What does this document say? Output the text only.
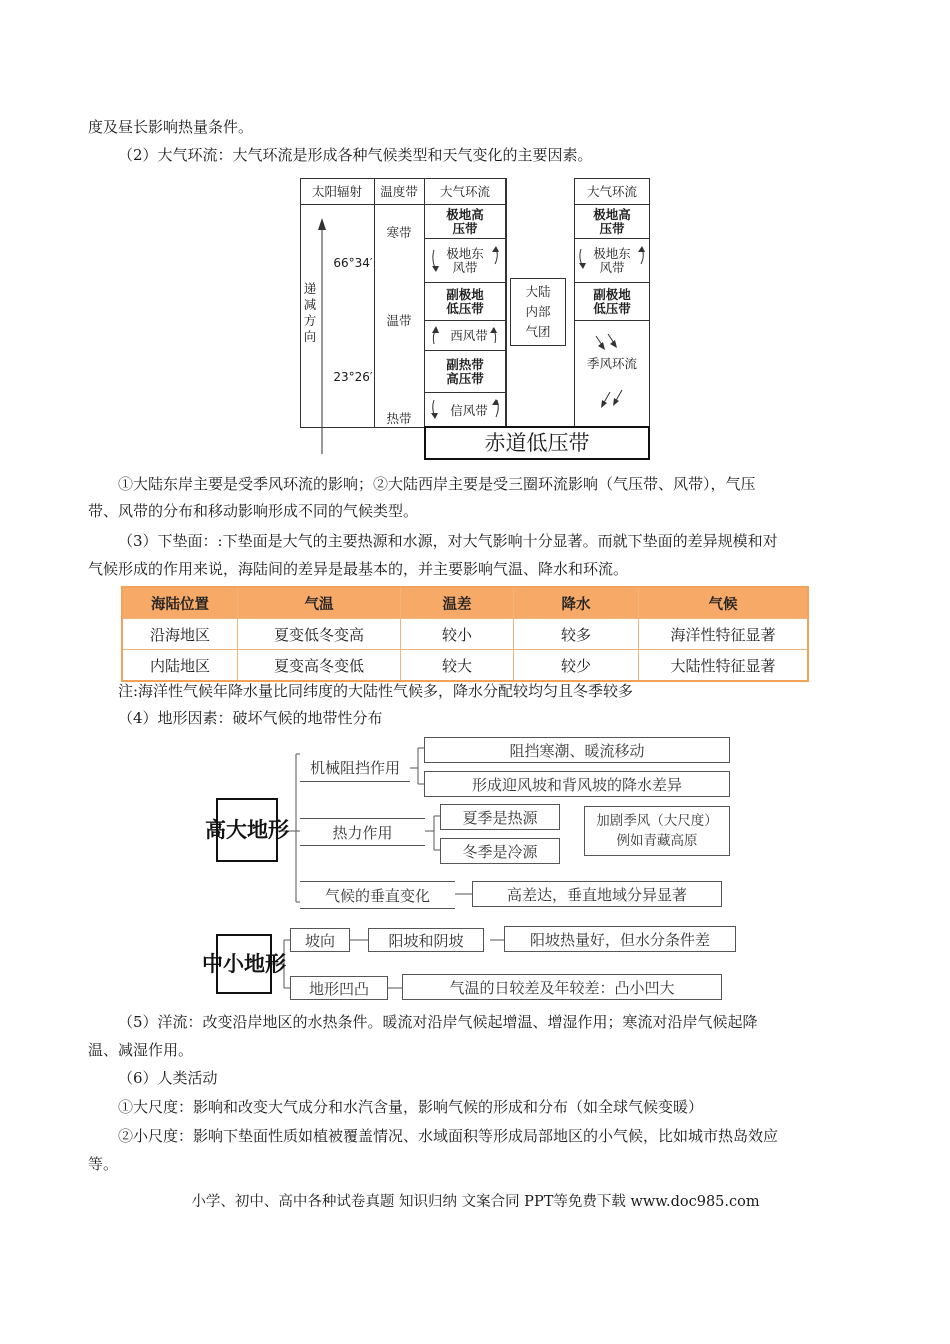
度及昼长影响热量条件。
（2）大气环流：大气环流是形成各种气候类型和天气变化的主要因素。
太阳辐射	温度带	大气环流
递减方向
66°34′
23°26′
寒带
温带
热带
极地高压带
极地东风带
副极地低压带
西风带
副热带高压带
信风带
大陆内部气团
大气环流
极地高压带
极地东风带
副极地低压带
季风环流
赤道低压带
①大陆东岸主要是受季风环流的影响；②大陆西岸主要是受三圈环流影响（气压带、风带），气压
带、风带的分布和移动影响形成不同的气候类型。
（3）下垫面：:下垫面是大气的主要热源和水源，对大气影响十分显著。而就下垫面的差异规模和对
气候形成的作用来说，海陆间的差异是最基本的，并主要影响气温、降水和环流。
海陆位置	气温	温差	降水	气候
沿海地区	夏变低冬变高	较小	较多	海洋性特征显著
内陆地区	夏变高冬变低	较大	较少	大陆性特征显著
注:海洋性气候年降水量比同纬度的大陆性气候多，降水分配较均匀且冬季较多
（4）地形因素：破坏气候的地带性分布
高大地形
机械阻挡作用
阻挡寒潮、暖流移动
形成迎风坡和背风坡的降水差异
热力作用
夏季是热源
冬季是冷源
加剧季风（大尺度）
例如青藏高原
气候的垂直变化	高差达，垂直地域分异显著
中小地形
坡向	阳坡和阴坡	阳坡热量好，但水分条件差
地形凹凸	气温的日较差及年较差：凸小凹大
（5）洋流：改变沿岸地区的水热条件。暖流对沿岸气候起增温、增湿作用；寒流对沿岸气候起降
温、减湿作用。
（6）人类活动
①大尺度：影响和改变大气成分和水汽含量，影响气候的形成和分布（如全球气候变暖）
②小尺度：影响下垫面性质如植被覆盖情况、水域面积等形成局部地区的小气候，比如城市热岛效应
等。
小学、初中、高中各种试卷真题 知识归纳 文案合同 PPT等免费下载 www.doc985.com
